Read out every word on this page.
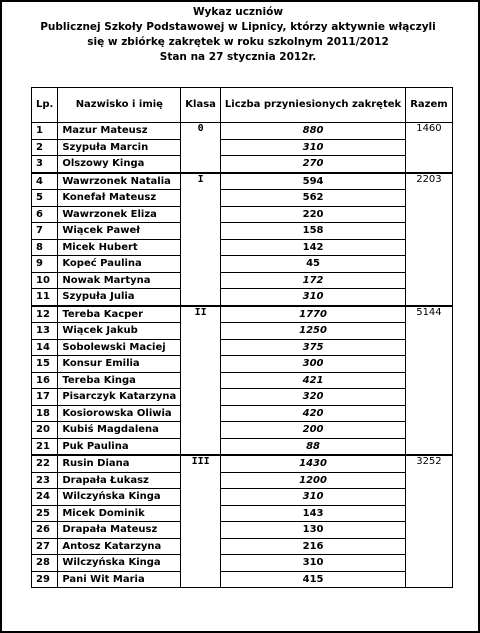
Wykaz uczniów
Publicznej Szkoły Podstawowej w Lipnicy, którzy aktywnie włączyli
się w zbiórkę zakrętek w roku szkolnym 2011/2012
Stan na 27 stycznia 2012r.
Lp.	Nazwisko i imię	Klasa	Liczba przyniesionych zakrętek	Razem
1	Mazur Mateusz	0	880	1460
2	Szypuła Marcin		310	
3	Olszowy Kinga		270	
4	Wawrzonek Natalia	I	594	2203
5	Konefał Mateusz		562	
6	Wawrzonek Eliza		220	
7	Wiącek Paweł		158	
8	Micek Hubert		142	
9	Kopeć Paulina		45	
10	Nowak Martyna		172	
11	Szypuła Julia		310	
12	Tereba Kacper	II	1770	5144
13	Wiącek Jakub		1250	
14	Sobolewski Maciej		375	
15	Konsur Emilia		300	
16	Tereba Kinga		421	
17	Pisarczyk Katarzyna		320	
18	Kosiorowska Oliwia		420	
20	Kubiś Magdalena		200	
21	Puk Paulina		88	
22	Rusin Diana	III	1430	3252
23	Drapała Łukasz		1200	
24	Wilczyńska Kinga		310	
25	Micek Dominik		143	
26	Drapała Mateusz		130	
27	Antosz Katarzyna		216	
28	Wilczyńska Kinga		310	
29	Pani Wit Maria		415	
